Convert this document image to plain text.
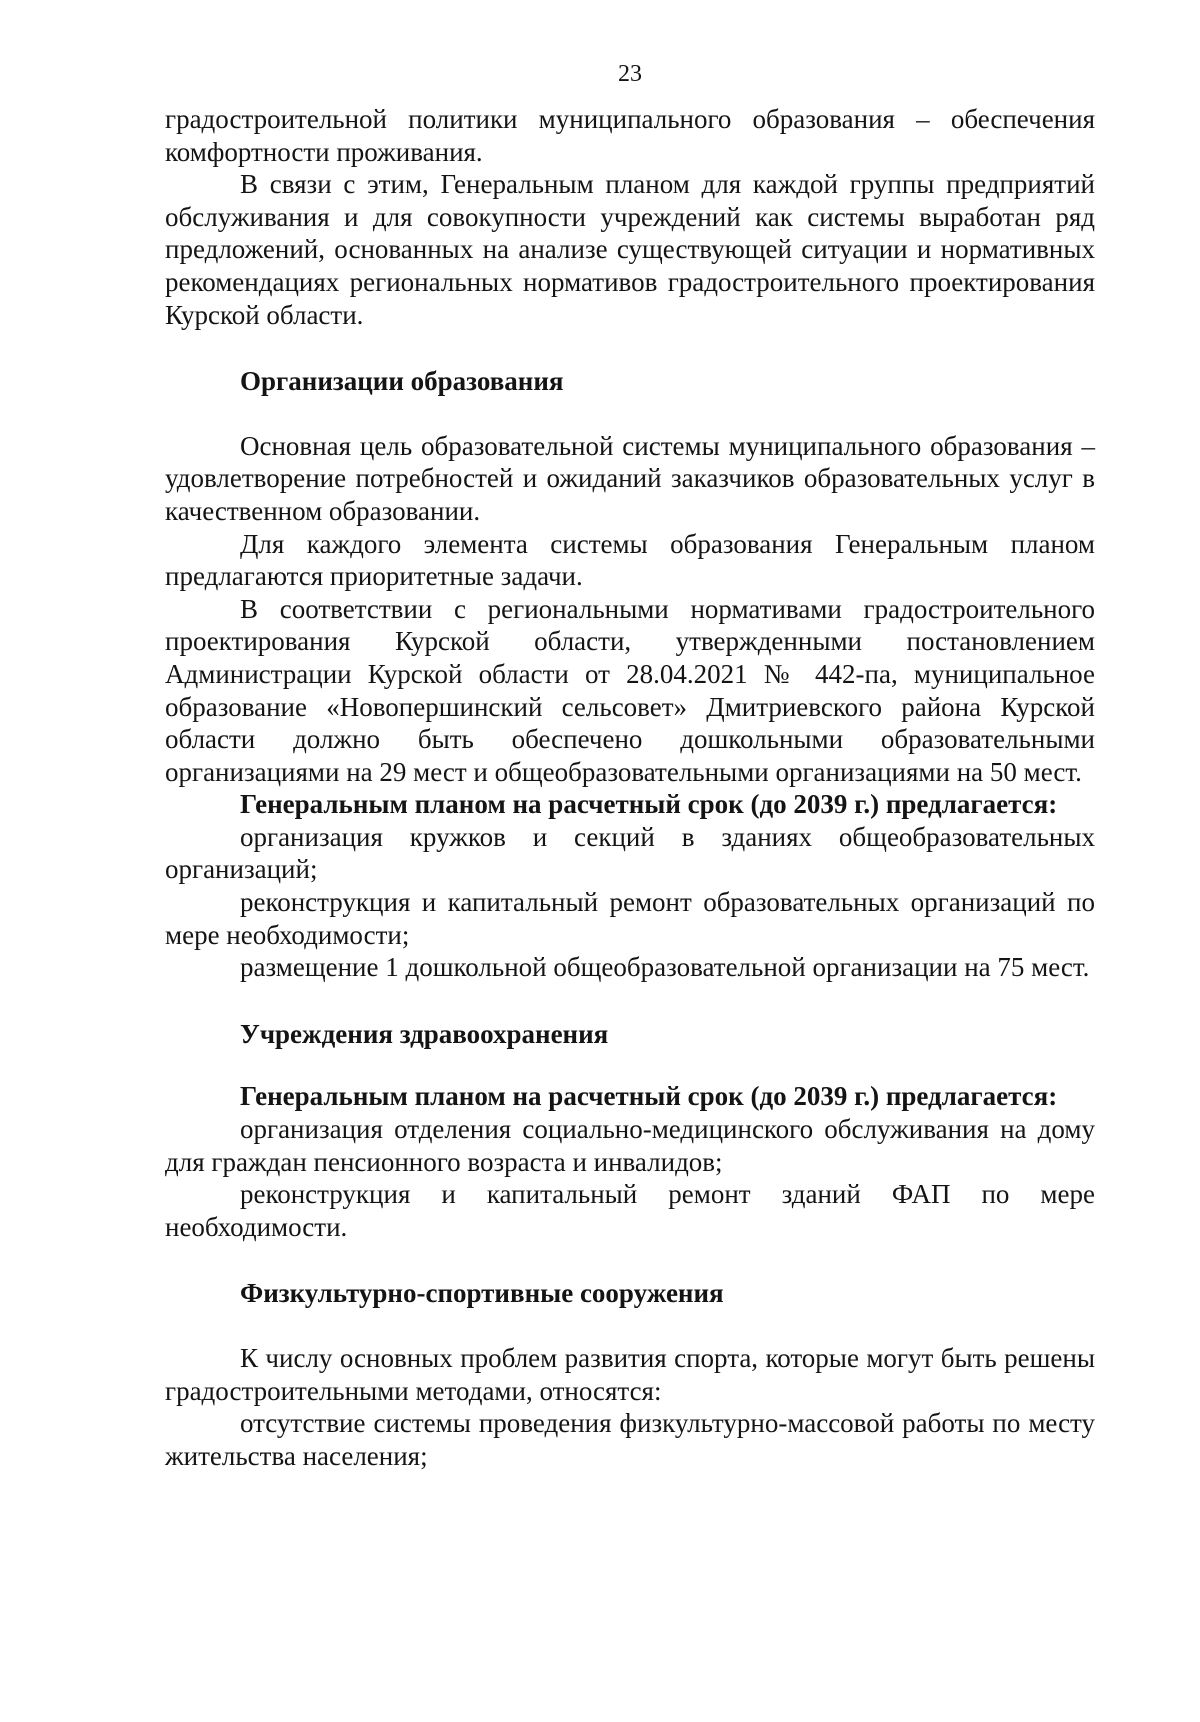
23

градостроительной политики муниципального образования – обеспечения комфортности проживания.

В связи с этим, Генеральным планом для каждой группы предприятий обслуживания и для совокупности учреждений как системы выработан ряд предложений, основанных на анализе существующей ситуации и нормативных рекомендациях региональных нормативов градостроительного проектирования Курской области.

Организации образования

Основная цель образовательной системы муниципального образования – удовлетворение потребностей и ожиданий заказчиков образовательных услуг в качественном образовании.

Для каждого элемента системы образования Генеральным планом предлагаются приоритетные задачи.

В соответствии с региональными нормативами градостроительного проектирования Курской области, утвержденными постановлением Администрации Курской области от 28.04.2021 № 442-па, муниципальное образование «Новопершинский сельсовет» Дмитриевского района Курской области должно быть обеспечено дошкольными образовательными организациями на 29 мест и общеобразовательными организациями на 50 мест.

Генеральным планом на расчетный срок (до 2039 г.) предлагается:

организация кружков и секций в зданиях общеобразовательных организаций;

реконструкция и капитальный ремонт образовательных организаций по мере необходимости;

размещение 1 дошкольной общеобразовательной организации на 75 мест.

Учреждения здравоохранения

Генеральным планом на расчетный срок (до 2039 г.) предлагается:

организация отделения социально-медицинского обслуживания на дому для граждан пенсионного возраста и инвалидов;

реконструкция и капитальный ремонт зданий ФАП по мере необходимости.

Физкультурно-спортивные сооружения

К числу основных проблем развития спорта, которые могут быть решены градостроительными методами, относятся:

отсутствие системы проведения физкультурно-массовой работы по месту жительства населения;
